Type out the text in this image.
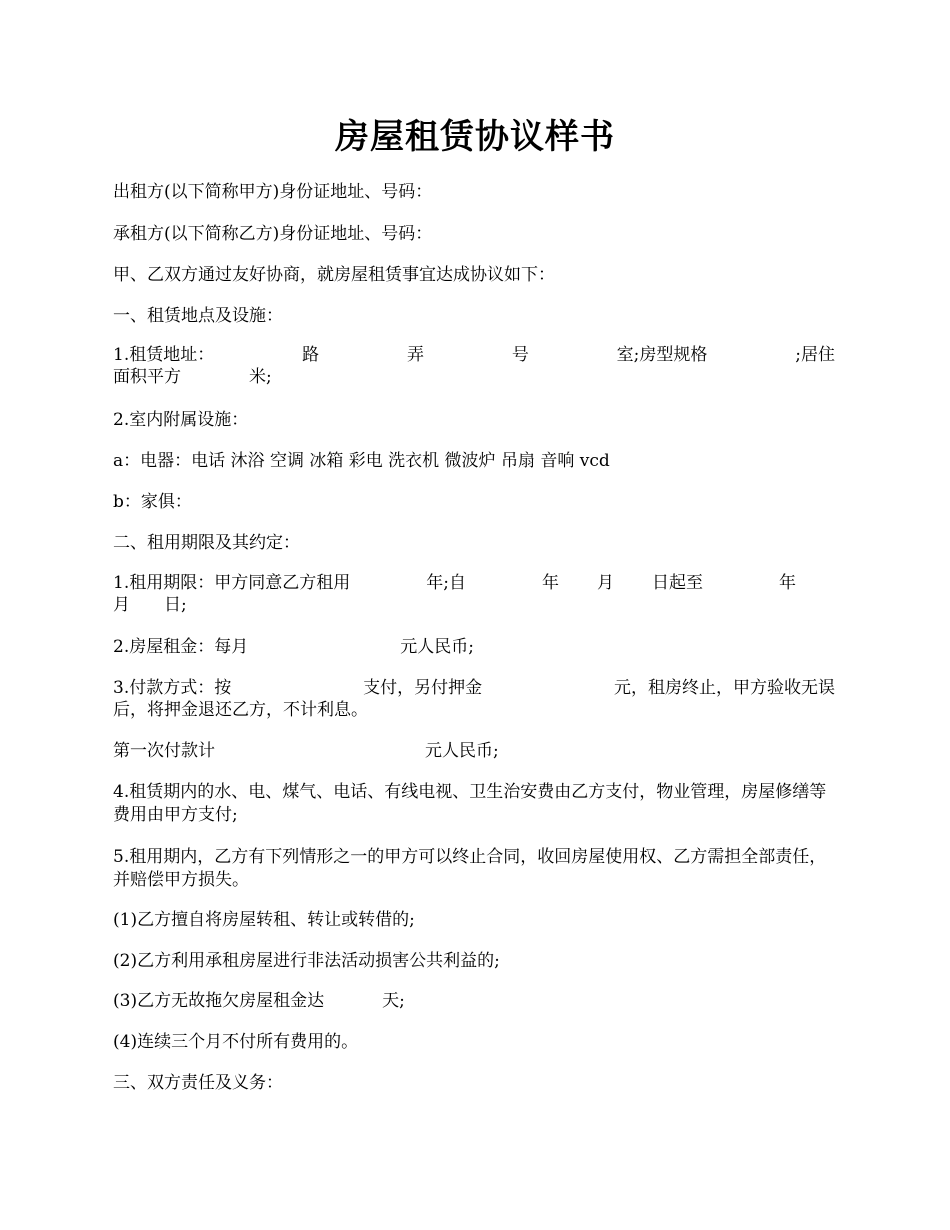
房屋租赁协议样书
出租方(以下简称甲方)身份证地址、号码：
承租方(以下简称乙方)身份证地址、号码：
甲、乙双方通过友好协商，就房屋租赁事宜达成协议如下：
一、租赁地点及设施：
1.租赁地址：	路	弄	号	室;房型规格	;居住
面积平方　　　　米;
2.室内附属设施：
a：电器：电话 沐浴 空调 冰箱 彩电 洗衣机 微波炉 吊扇 音响 vcd
b：家俱：
二、租用期限及其约定：
1.租用期限：甲方同意乙方租用	年;自	年 月 日起至	年
月　　日;
2.房屋租金：每月	元人民币;
3.付款方式：按	支付，另付押金	元，租房终止，甲方验收无误
后，将押金退还乙方，不计利息。
第一次付款计	元人民币;
4.租赁期内的水、电、煤气、电话、有线电视、卫生治安费由乙方支付，物业管理，房屋修缮等费用由甲方支付;
5.租用期内，乙方有下列情形之一的甲方可以终止合同，收回房屋使用权、乙方需担全部责任，并赔偿甲方损失。
(1)乙方擅自将房屋转租、转让或转借的;
(2)乙方利用承租房屋进行非法活动损害公共利益的;
(3)乙方无故拖欠房屋租金达	天;
(4)连续三个月不付所有费用的。
三、双方责任及义务：
